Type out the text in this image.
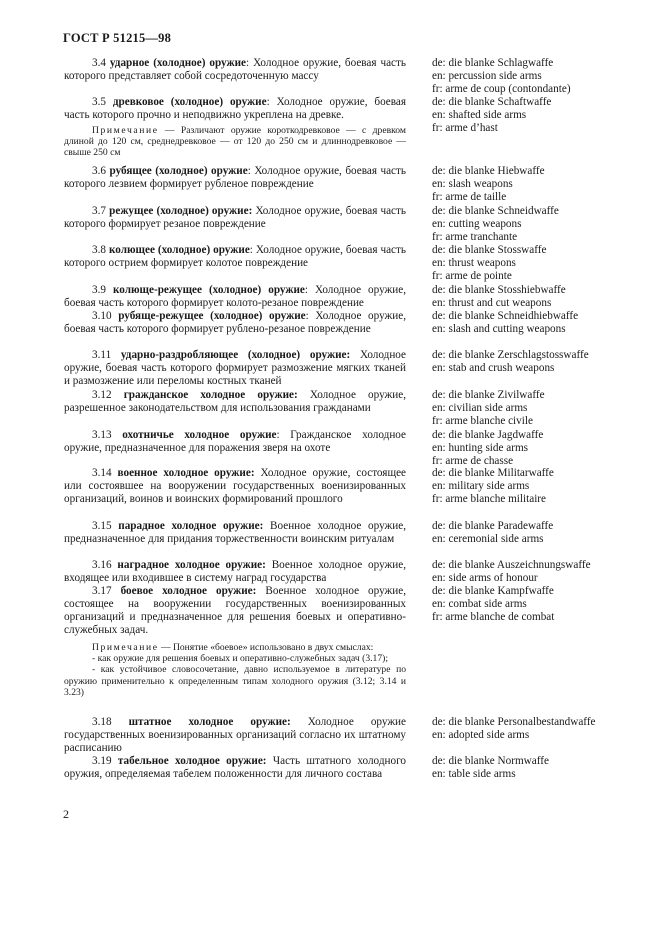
ГОСТ Р 51215—98
3.4 ударное (холодное) оружие: Холодное оружие, боевая часть которого представляет собой сосредоточенную массу
de: die blanke Schlagwaffe
en: percussion side arms
fr: arme de coup (contondante)
3.5 древковое (холодное) оружие: Холодное оружие, боевая часть которого прочно и неподвижно укреплена на древке.
de: die blanke Schaftwaffe
en: shafted side arms
fr: arme d’hast
Примечание — Различают оружие короткодревковое — с древком длиной до 120 см, среднедревковое — от 120 до 250 см и длиннодревковое — свыше 250 см
3.6 рубящее (холодное) оружие: Холодное оружие, боевая часть которого лезвием формирует рубленое повреждение
de: die blanke Hiebwaffe
en: slash weapons
fr: arme de taille
3.7 режущее (холодное) оружие: Холодное оружие, боевая часть которого формирует резаное повреждение
de: die blanke Schneidwaffe
en: cutting weapons
fr: arme tranchante
3.8 колющее (холодное) оружие: Холодное оружие, боевая часть которого острием формирует колотое повреждение
de: die blanke Stosswaffe
en: thrust weapons
fr: arme de pointe
3.9 колюще-режущее (холодное) оружие: Холодное оружие, боевая часть которого формирует колото-резаное повреждение
de: die blanke Stosshiebwaffe
en: thrust and cut weapons
3.10 рубяще-режущее (холодное) оружие: Холодное оружие, боевая часть которого формирует рублено-резаное повреждение
de: die blanke Schneidhiebwaffe
en: slash and cutting weapons
3.11 ударно-раздробляющее (холодное) оружие: Холодное оружие, боевая часть которого формирует размозжение мягких тканей и размозжение или переломы костных тканей
de: die blanke Zerschlagstosswaffe
en: stab and crush weapons
3.12 гражданское холодное оружие: Холодное оружие, разрешенное законодательством для использования гражданами
de: die blanke Zivilwaffe
en: civilian side arms
fr: arme blanche civile
3.13 охотничье холодное оружие: Гражданское холодное оружие, предназначенное для поражения зверя на охоте
de: die blanke Jagdwaffe
en: hunting side arms
fr: arme de chasse
3.14 военное холодное оружие: Холодное оружие, состоящее или состоявшее на вооружении государственных военизированных организаций, воинов и воинских формирований прошлого
de: die blanke Militarwaffe
en: military side arms
fr: arme blanche militaire
3.15 парадное холодное оружие: Военное холодное оружие, предназначенное для придания торжественности воинским ритуалам
de: die blanke Paradewaffe
en: ceremonial side arms
3.16 наградное холодное оружие: Военное холодное оружие, входящее или входившее в систему наград государства
de: die blanke Auszeichnungswaffe
en: side arms of honour
3.17 боевое холодное оружие: Военное холодное оружие, состоящее на вооружении государственных военизированных организаций и предназначенное для решения боевых и оперативно-служебных задач.
de: die blanke Kampfwaffe
en: combat side arms
fr: arme blanche de combat
Примечание — Понятие «боевое» использовано в двух смыслах:
- как оружие для решения боевых и оперативно-служебных задач (3.17);
- как устойчивое словосочетание, давно используемое в литературе по оружию применительно к определенным типам холодного оружия (3.12; 3.14 и 3.23)
3.18 штатное холодное оружие: Холодное оружие государственных военизированных организаций согласно их штатному расписанию
de: die blanke Personalbestandwaffe
en: adopted side arms
3.19 табельное холодное оружие: Часть штатного холодного оружия, определяемая табелем положенности для личного состава
de: die blanke Normwaffe
en: table side arms
2
